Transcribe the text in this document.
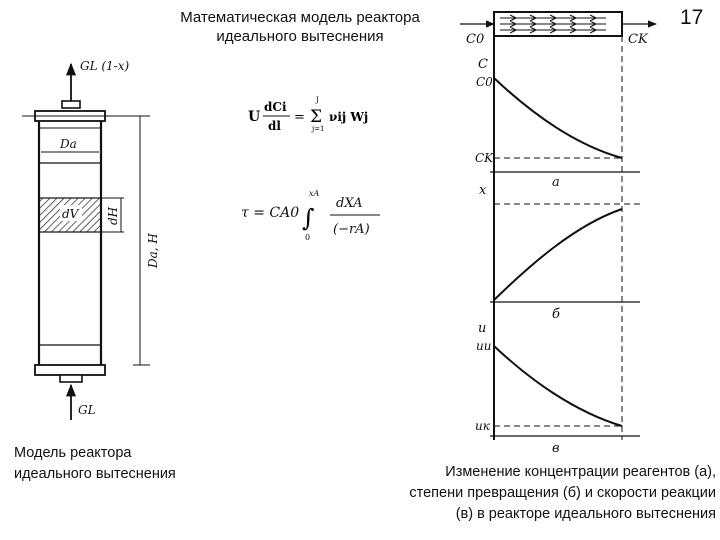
Математическая модель реактора
идеального вытеснения
17
GL (1-x)
Da
dV dH
Da, H
GL
U
dCi
dl
=
J
Σ
j=1
νij Wj
τ = CA0
xA
∫
0
dXA
(−rA)
C0	CK
C
C0
CK
а
x
б
u
uи
uк
в
Модель реактора
идеального вытеснения	Изменение концентрации реагентов (а),
степени превращения (б) и скорости реакции
(в) в реакторе идеального вытеснения
